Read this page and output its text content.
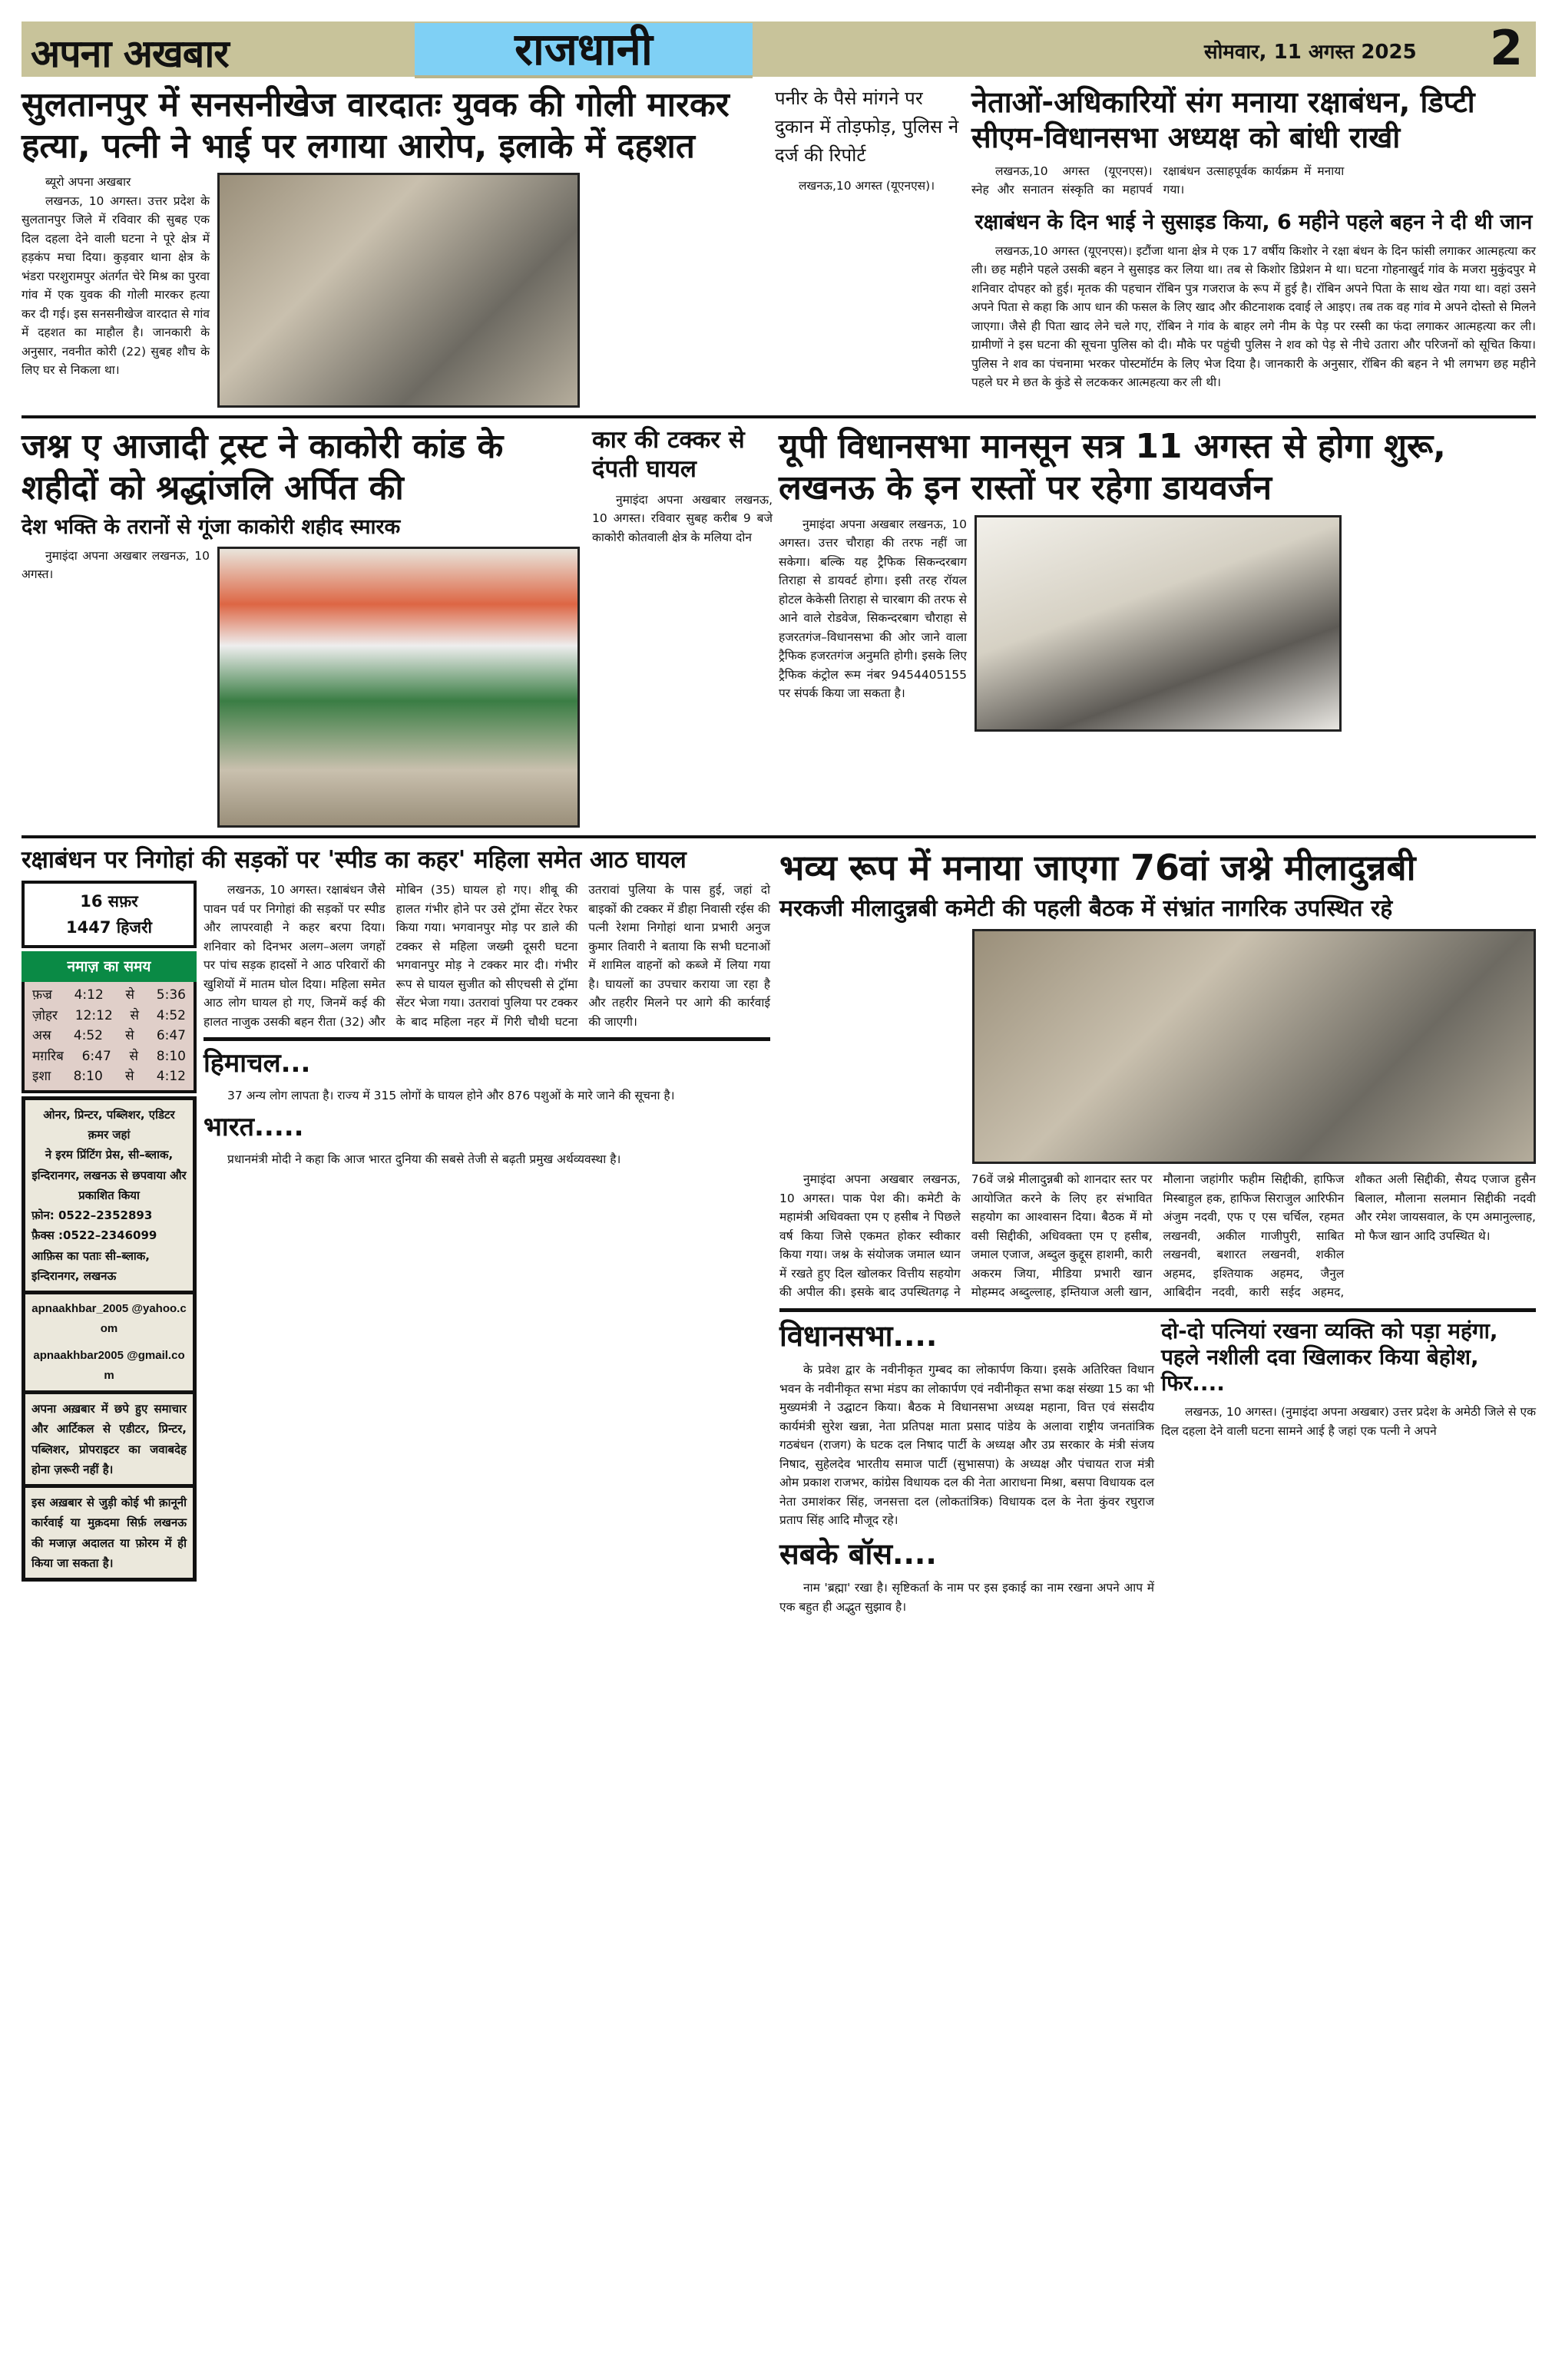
अपना अखबार	राजधानी	सोमवार, 11 अगस्त 2025 2
सुलतानपुर में सनसनीखेज वारदातः युवक की गोली मारकर हत्या, पत्नी ने भाई पर लगाया आरोप, इलाके में दहशत

ब्यूरो अपना अखबार

लखनऊ, 10 अगस्त। उत्तर प्रदेश के सुलतानपुर जिले में रविवार की सुबह एक दिल दहला देने वाली घटना ने पूरे क्षेत्र में हड़कंप मचा दिया। कुड़वार थाना क्षेत्र के भंडरा परशुरामपुर अंतर्गत चेरे मिश्र का पुरवा गांव में एक युवक की गोली मारकर हत्या कर दी गई। इस सनसनीखेज वारदात से गांव में दहशत का माहौल है। जानकारी के अनुसार, नवनीत कोरी (22) सुबह शौच के लिए घर से निकला था।

पनीर के पैसे मांगने पर दुकान में तोड़फोड़, पुलिस ने दर्ज की रिपोर्ट

लखनऊ,10 अगस्त (यूएनएस)।

नेताओं-अधिकारियों संग मनाया रक्षाबंधन, डिप्टी सीएम-विधानसभा अध्यक्ष को बांधी राखी

लखनऊ,10 अगस्त (यूएनएस)। स्नेह और सनातन संस्कृति का महापर्व रक्षाबंधन उत्साहपूर्वक कार्यक्रम में मनाया गया।

रक्षाबंधन के दिन भाई ने सुसाइड किया, 6 महीने पहले बहन ने दी थी जान

लखनऊ,10 अगस्त (यूएनएस)। इटौंजा थाना क्षेत्र मे एक 17 वर्षीय किशोर ने रक्षा बंधन के दिन फांसी लगाकर आत्महत्या कर ली। छह महीने पहले उसकी बहन ने सुसाइड कर लिया था। तब से किशोर डिप्रेशन मे था। घटना गोहनाखुर्द गांव के मजरा मुकुंदपुर मे शनिवार दोपहर को हुई। मृतक की पहचान रॉबिन पुत्र गजराज के रूप में हुई है। रॉबिन अपने पिता के साथ खेत गया था। वहां उसने अपने पिता से कहा कि आप धान की फसल के लिए खाद और कीटनाशक दवाई ले आइए। तब तक वह गांव मे अपने दोस्तो से मिलने जाएगा। जैसे ही पिता खाद लेने चले गए, रॉबिन ने गांव के बाहर लगे नीम के पेड़ पर रस्सी का फंदा लगाकर आत्महत्या कर ली। ग्रामीणों ने इस घटना की सूचना पुलिस को दी। मौके पर पहुंची पुलिस ने शव को पेड़ से नीचे उतारा और परिजनों को सूचित किया। पुलिस ने शव का पंचनामा भरकर पोस्टमॉर्टम के लिए भेज दिया है। जानकारी के अनुसार, रॉबिन की बहन ने भी लगभग छह महीने पहले घर मे छत के कुंडे से लटककर आत्महत्या कर ली थी।

जश्न ए आजादी ट्रस्ट ने काकोरी कांड के शहीदों को श्रद्धांजलि अर्पित की
देश भक्ति के तरानों से गूंजा काकोरी शहीद स्मारक

नुमाइंदा अपना अखबार लखनऊ, 10 अगस्त।

कार की टक्कर से दंपती घायल

नुमाइंदा अपना अखबार लखनऊ, 10 अगस्त। रविवार सुबह करीब 9 बजे काकोरी कोतवाली क्षेत्र के मलिया दोन

यूपी विधानसभा मानसून सत्र 11 अगस्त से होगा शुरू, लखनऊ के इन रास्तों पर रहेगा डायवर्जन

नुमाइंदा अपना अखबार लखनऊ, 10 अगस्त। उत्तर चौराहा की तरफ नहीं जा सकेगा। बल्कि यह ट्रैफिक सिकन्दरबाग तिराहा से डायवर्ट होगा। इसी तरह रॉयल होटल केकेसी तिराहा से चारबाग की तरफ से आने वाले रोडवेज, सिकन्दरबाग चौराहा से हजरतगंज–विधानसभा की ओर जाने वाला ट्रैफिक हजरतगंज अनुमति होगी। इसके लिए ट्रैफिक कंट्रोल रूम नंबर 9454405155 पर संपर्क किया जा सकता है।

रक्षाबंधन पर निगोहां की सड़कों पर 'स्पीड का कहर' महिला समेत आठ घायल
16 सफ़र
1447 हिजरी
नमाज़ का समय
फ़ज्र 4:12 से 5:36
ज़ोहर 12:12 से 4:52
अस्र 4:52 से 6:47
मग़रिब 6:47 से 8:10
इशा 8:10 से 4:12
ओनर, प्रिन्टर, पब्लिशर, एडिटर
क़मर जहां
ने इरम प्रिंटिंग प्रेस, सी–ब्लाक, इन्दिरानगर, लखनऊ से छपवाया और प्रकाशित किया
फ़ोन: 0522–2352893
फ़ैक्स :0522–2346099
आफ़िस का पताः सी–ब्लाक, इन्दिरानगर, लखनऊ
apnaakhbar_2005 @yahoo.com
apnaakhbar2005 @gmail.com
अपना अख़बार में छपे हुए समाचार और आर्टिकल से एडीटर, प्रिन्टर, पब्लिशर, प्रोपराइटर का जवाबदेह होना ज़रूरी नहीं है।
इस अख़बार से जुड़ी कोई भी क़ानूनी कार्रवाई या मुक़दमा सिर्फ़ लखनऊ की मजाज़ अदालत या फ़ोरम में ही किया जा सकता है।

लखनऊ, 10 अगस्त। रक्षाबंधन जैसे पावन पर्व पर निगोहां की सड़कों पर स्पीड और लापरवाही ने कहर बरपा दिया। शनिवार को दिनभर अलग–अलग जगहों पर पांच सड़क हादसों ने आठ परिवारों की खुशियों में मातम घोल दिया। महिला समेत आठ लोग घायल हो गए, जिनमें कई की हालत नाजुक उसकी बहन रीता (32) और मोबिन (35) घायल हो गए। शीबू की हालत गंभीर होने पर उसे ट्रॉमा सेंटर रेफर किया गया। भगवानपुर मोड़ पर डाले की टक्कर से महिला जख्मी दूसरी घटना भगवानपुर मोड़ ने टक्कर मार दी। गंभीर रूप से घायल सुजीत को सीएचसी से ट्रॉमा सेंटर भेजा गया। उतरावां पुलिया पर टक्कर के बाद महिला नहर में गिरी चौथी घटना उतरावां पुलिया के पास हुई, जहां दो बाइकों की टक्कर में डीहा निवासी रईस की पत्नी रेशमा निगोहां थाना प्रभारी अनुज कुमार तिवारी ने बताया कि सभी घटनाओं में शामिल वाहनों को कब्जे में लिया गया है। घायलों का उपचार कराया जा रहा है और तहरीर मिलने पर आगे की कार्रवाई की जाएगी।

हिमाचल...

37 अन्य लोग लापता है। राज्य में 315 लोगों के घायल होने और 876 पशुओं के मारे जाने की सूचना है।

भारत.....

प्रधानमंत्री मोदी ने कहा कि आज भारत दुनिया की सबसे तेजी से बढ़ती प्रमुख अर्थव्यवस्था है।

भव्य रूप में मनाया जाएगा 76वां जश्ने मीलादुन्नबी
मरकजी मीलादुन्नबी कमेटी की पहली बैठक में संभ्रांत नागरिक उपस्थित रहे

नुमाइंदा अपना अखबार लखनऊ, 10 अगस्त। पाक पेश की। कमेटी के महामंत्री अधिवक्ता एम ए हसीब ने पिछले वर्ष किया जिसे एकमत होकर स्वीकार किया गया। जश्न के संयोजक जमाल ध्यान में रखते हुए दिल खोलकर वित्तीय सहयोग की अपील की। इसके बाद उपस्थितगढ़ ने 76वें जश्ने मीलादुन्नबी को शानदार स्तर पर आयोजित करने के लिए हर संभावित सहयोग का आश्वासन दिया। बैठक में मो वसी सिद्दीकी, अधिवक्ता एम ए हसीब, जमाल एजाज, अब्दुल कुद्दूस हाशमी, कारी अकरम जिया, मीडिया प्रभारी खान मोहम्मद अब्दुल्लाह, इम्तियाज अली खान, मौलाना जहांगीर फहीम सिद्दीकी, हाफिज मिस्बाहुल हक, हाफिज सिराजुल आरिफीन अंजुम नदवी, एफ ए एस चर्चिल, रहमत लखनवी, अकील गाजीपुरी, साबित लखनवी, बशारत लखनवी, शकील अहमद, इश्तियाक अहमद, जैनुल आबिदीन नदवी, कारी सईद अहमद, शौकत अली सिद्दीकी, सैयद एजाज हुसैन बिलाल, मौलाना सलमान सिद्दीकी नदवी और रमेश जायसवाल, के एम अमानुल्लाह, मो फैज खान आदि उपस्थित थे।

विधानसभा....

के प्रवेश द्वार के नवीनीकृत गुम्बद का लोकार्पण किया। इसके अतिरिक्त विधान भवन के नवीनीकृत सभा मंडप का लोकार्पण एवं नवीनीकृत सभा कक्ष संख्या 15 का भी मुख्यमंत्री ने उद्घाटन किया। बैठक मे विधानसभा अध्यक्ष महाना, वित्त एवं संसदीय कार्यमंत्री सुरेश खन्ना, नेता प्रतिपक्ष माता प्रसाद पांडेय के अलावा राष्ट्रीय जनतांत्रिक गठबंधन (राजग) के घटक दल निषाद पार्टी के अध्यक्ष और उप्र सरकार के मंत्री संजय निषाद, सुहेलदेव भारतीय समाज पार्टी (सुभासपा) के अध्यक्ष और पंचायत राज मंत्री ओम प्रकाश राजभर, कांग्रेस विधायक दल की नेता आराधना मिश्रा, बसपा विधायक दल नेता उमाशंकर सिंह, जनसत्ता दल (लोकतांत्रिक) विधायक दल के नेता कुंवर रघुराज प्रताप सिंह आदि मौजूद रहे।

सबके बॉस....

नाम 'ब्रह्मा' रखा है। सृष्टिकर्ता के नाम पर इस इकाई का नाम रखना अपने आप में एक बहुत ही अद्भुत सुझाव है।

दो-दो पत्नियां रखना व्यक्ति को पड़ा महंगा, पहले नशीली दवा खिलाकर किया बेहोश, फिर....

लखनऊ, 10 अगस्त। (नुमाइंदा अपना अखबार) उत्तर प्रदेश के अमेठी जिले से एक दिल दहला देने वाली घटना सामने आई है जहां एक पत्नी ने अपने
